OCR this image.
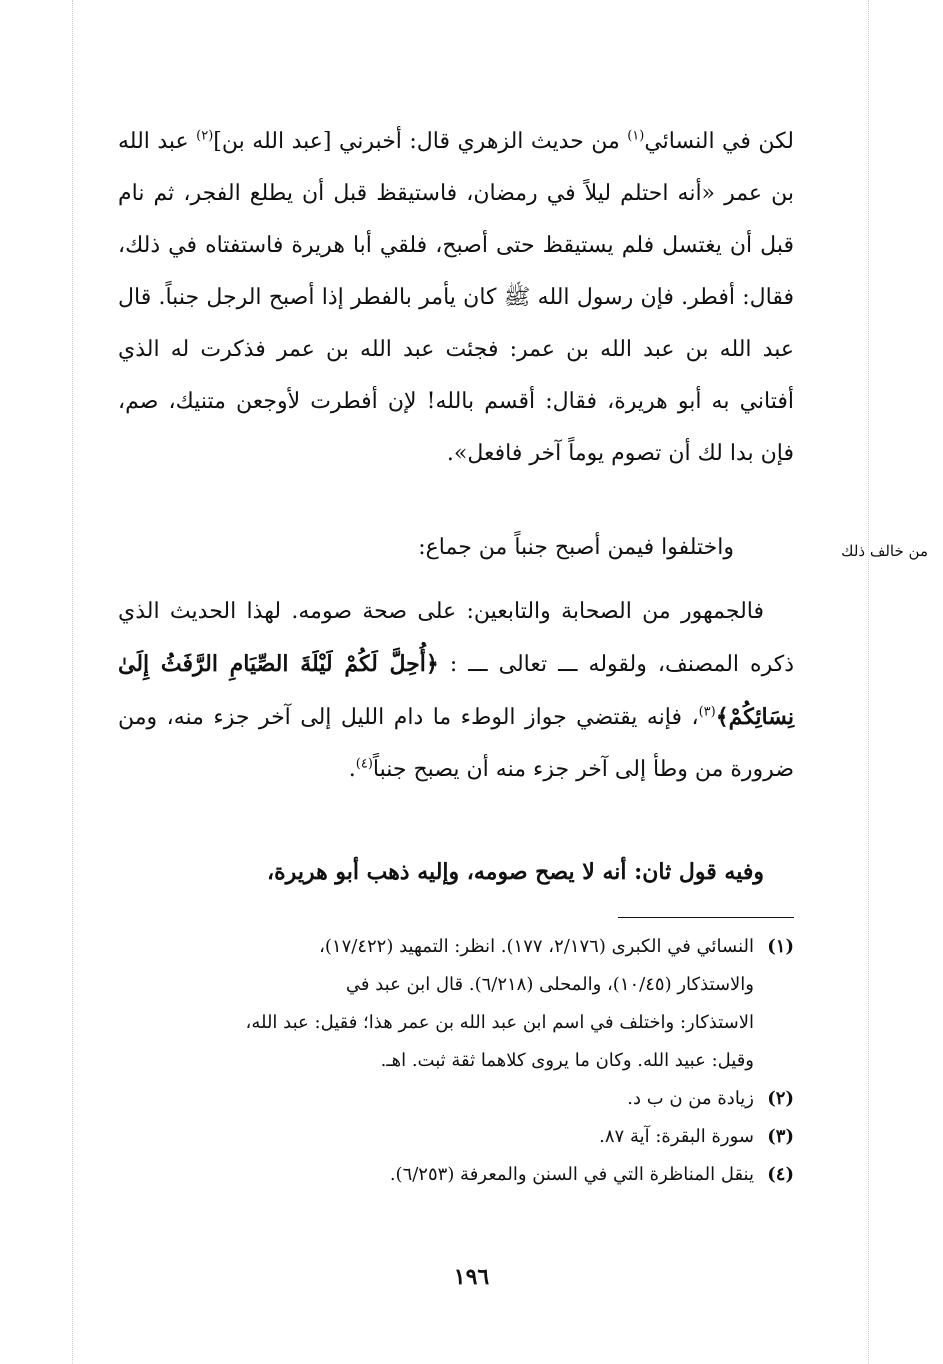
لكن في النسائي$^{(١)}$ من حديث الزهري قال: أخبرني [عبد الله بن]$^{(٢)}$ عبد الله بن عمر «أنه احتلم ليلاً في رمضان، فاستيقظ قبل أن يطلع الفجر، ثم نام قبل أن يغتسل فلم يستيقظ حتى أصبح، فلقي أبا هريرة فاستفتاه في ذلك، فقال: أفطر. فإن رسول الله ﷺ كان يأمر بالفطر إذا أصبح الرجل جنباً. قال عبد الله بن عبد الله بن عمر: فجئت عبد الله بن عمر فذكرت له الذي أفتاني به أبو هريرة، فقال: أقسم بالله! لإن أفطرت لأوجعن متنيك، صم، فإن بدا لك أن تصوم يوماً آخر فافعل».

من خالف ذلك

واختلفوا فيمن أصبح جنباً من جماع:

فالجمهور من الصحابة والتابعين: على صحة صومه. لهذا الحديث الذي ذكره المصنف، ولقوله ـــ تعالى ـــ : ﴿أُحِلَّ لَكُمْ لَيْلَةَ الصِّيَامِ الرَّفَثُ إِلَىٰ نِسَائِكُمْ﴾$^{(٣)}$، فإنه يقتضي جواز الوطء ما دام الليل إلى آخر جزء منه، ومن ضرورة من وطأ إلى آخر جزء منه أن يصبح جنباً$^{(٤)}$.

وفيه قول ثان: أنه لا يصح صومه، وإليه ذهب أبو هريرة،

(١)
النسائي في الكبرى (٢/١٧٦، ١٧٧). انظر: التمهيد (١٧/٤٢٢)،
والاستذكار (١٠/٤٥)، والمحلى (٦/٢١٨). قال ابن عبد في
الاستذكار: واختلف في اسم ابن عبد الله بن عمر هذا؛ فقيل: عبد الله،
وقيل: عبيد الله. وكان ما يروى كلاهما ثقة ثبت. اهـ.
(٢)
زيادة من ن ب د.
(٣)
سورة البقرة: آية ٨٧.
(٤)
ينقل المناظرة التي في السنن والمعرفة (٦/٢٥٣).
١٩٦
